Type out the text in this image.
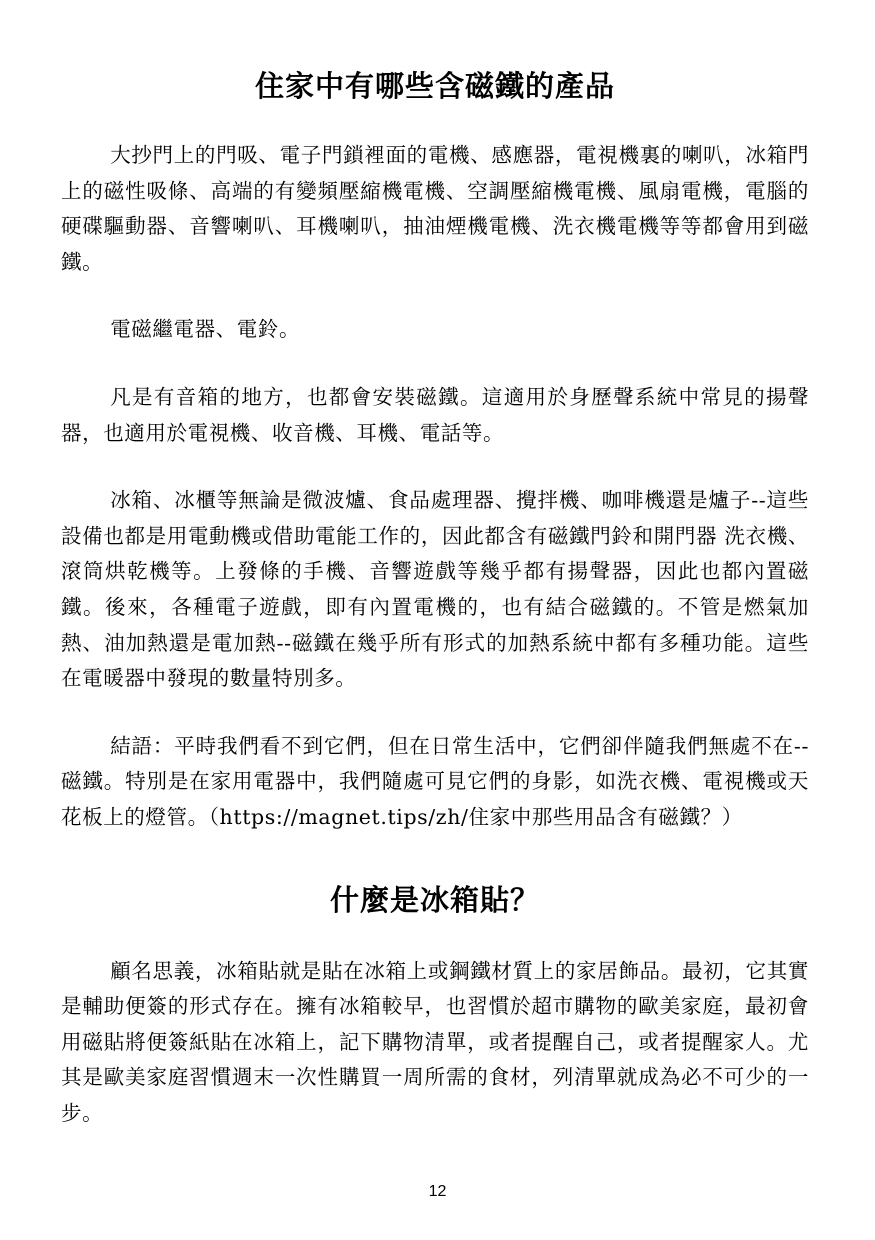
住家中有哪些含磁鐵的產品

大抄門上的門吸、電子門鎖裡面的電機、感應器，電視機裏的喇叭，冰箱門上的磁性吸條、高端的有變頻壓縮機電機、空調壓縮機電機、風扇電機，電腦的硬碟驅動器、音響喇叭、耳機喇叭，抽油煙機電機、洗衣機電機等等都會用到磁鐵。

電磁繼電器、電鈴。

凡是有音箱的地方，也都會安裝磁鐵。這適用於身歷聲系統中常見的揚聲器，也適用於電視機、收音機、耳機、電話等。

冰箱、冰櫃等無論是微波爐、食品處理器、攪拌機、咖啡機還是爐子--這些設備也都是用電動機或借助電能工作的，因此都含有磁鐵門鈴和開門器 洗衣機、滾筒烘乾機等。上發條的手機、音響遊戲等幾乎都有揚聲器，因此也都內置磁鐵。後來，各種電子遊戲，即有內置電機的，也有結合磁鐵的。不管是燃氣加熱、油加熱還是電加熱--磁鐵在幾乎所有形式的加熱系統中都有多種功能。這些在電暖器中發現的數量特別多。

結語：平時我們看不到它們，但在日常生活中，它們卻伴隨我們無處不在--磁鐵。特別是在家用電器中，我們隨處可見它們的身影，如洗衣機、電視機或天花板上的燈管。（https://magnet.tips/zh/住家中那些用品含有磁鐵？）

什麼是冰箱貼？

顧名思義，冰箱貼就是貼在冰箱上或鋼鐵材質上的家居飾品。最初，它其實是輔助便簽的形式存在。擁有冰箱較早，也習慣於超市購物的歐美家庭，最初會用磁貼將便簽紙貼在冰箱上，記下購物清單，或者提醒自己，或者提醒家人。尤其是歐美家庭習慣週末一次性購買一周所需的食材，列清單就成為必不可少的一步。

12
